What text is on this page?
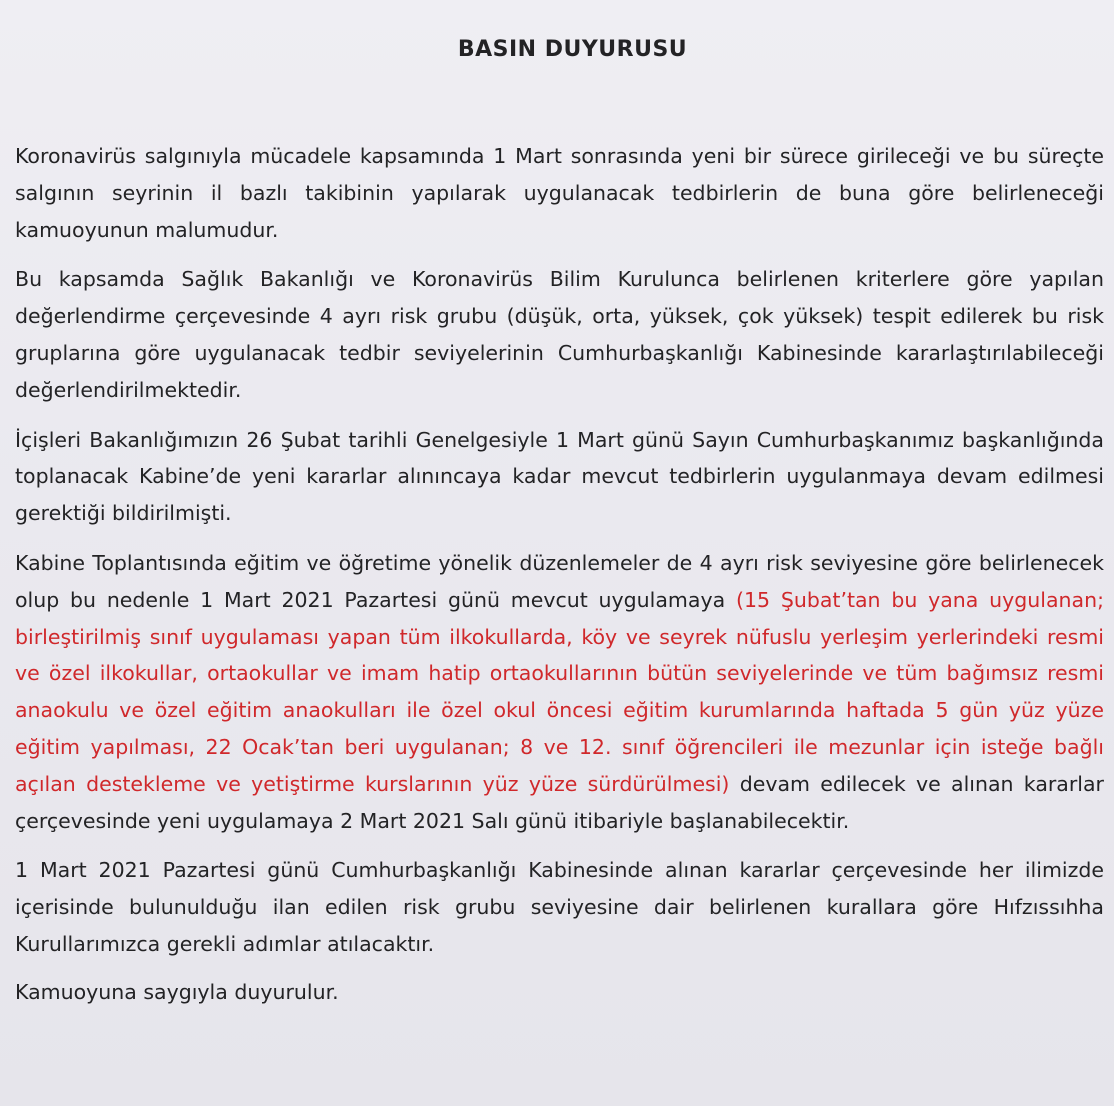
BASIN DUYURUSU

Koronavirüs salgınıyla mücadele kapsamında 1 Mart sonrasında yeni bir sürece girileceği ve bu süreçte salgının seyrinin il bazlı takibinin yapılarak uygulanacak tedbirlerin de buna göre belirleneceği kamuoyunun malumudur.

Bu kapsamda Sağlık Bakanlığı ve Koronavirüs Bilim Kurulunca belirlenen kriterlere göre yapılan değerlendirme çerçevesinde 4 ayrı risk grubu (düşük, orta, yüksek, çok yüksek) tespit edilerek bu risk gruplarına göre uygulanacak tedbir seviyelerinin Cumhurbaşkanlığı Kabinesinde kararlaştırılabileceği değerlendirilmektedir.

İçişleri Bakanlığımızın 26 Şubat tarihli Genelgesiyle 1 Mart günü Sayın Cumhurbaşkanımız başkanlığında toplanacak Kabine’de yeni kararlar alınıncaya kadar mevcut tedbirlerin uygulanmaya devam edilmesi gerektiği bildirilmişti.

Kabine Toplantısında eğitim ve öğretime yönelik düzenlemeler de 4 ayrı risk seviyesine göre belirlenecek olup bu nedenle 1 Mart 2021 Pazartesi günü mevcut uygulamaya (15 Şubat’tan bu yana uygulanan; birleştirilmiş sınıf uygulaması yapan tüm ilkokullarda, köy ve seyrek nüfuslu yerleşim yerlerindeki resmi ve özel ilkokullar, ortaokullar ve imam hatip ortaokullarının bütün seviyelerinde ve tüm bağımsız resmi anaokulu ve özel eğitim anaokulları ile özel okul öncesi eğitim kurumlarında haftada 5 gün yüz yüze eğitim yapılması, 22 Ocak’tan beri uygulanan; 8 ve 12. sınıf öğrencileri ile mezunlar için isteğe bağlı açılan destekleme ve yetiştirme kurslarının yüz yüze sürdürülmesi) devam edilecek ve alınan kararlar çerçevesinde yeni uygulamaya 2 Mart 2021 Salı günü itibariyle başlanabilecektir.

1 Mart 2021 Pazartesi günü Cumhurbaşkanlığı Kabinesinde alınan kararlar çerçevesinde her ilimizde içerisinde bulunulduğu ilan edilen risk grubu seviyesine dair belirlenen kurallara göre Hıfzıssıhha Kurullarımızca gerekli adımlar atılacaktır.

Kamuoyuna saygıyla duyurulur.
